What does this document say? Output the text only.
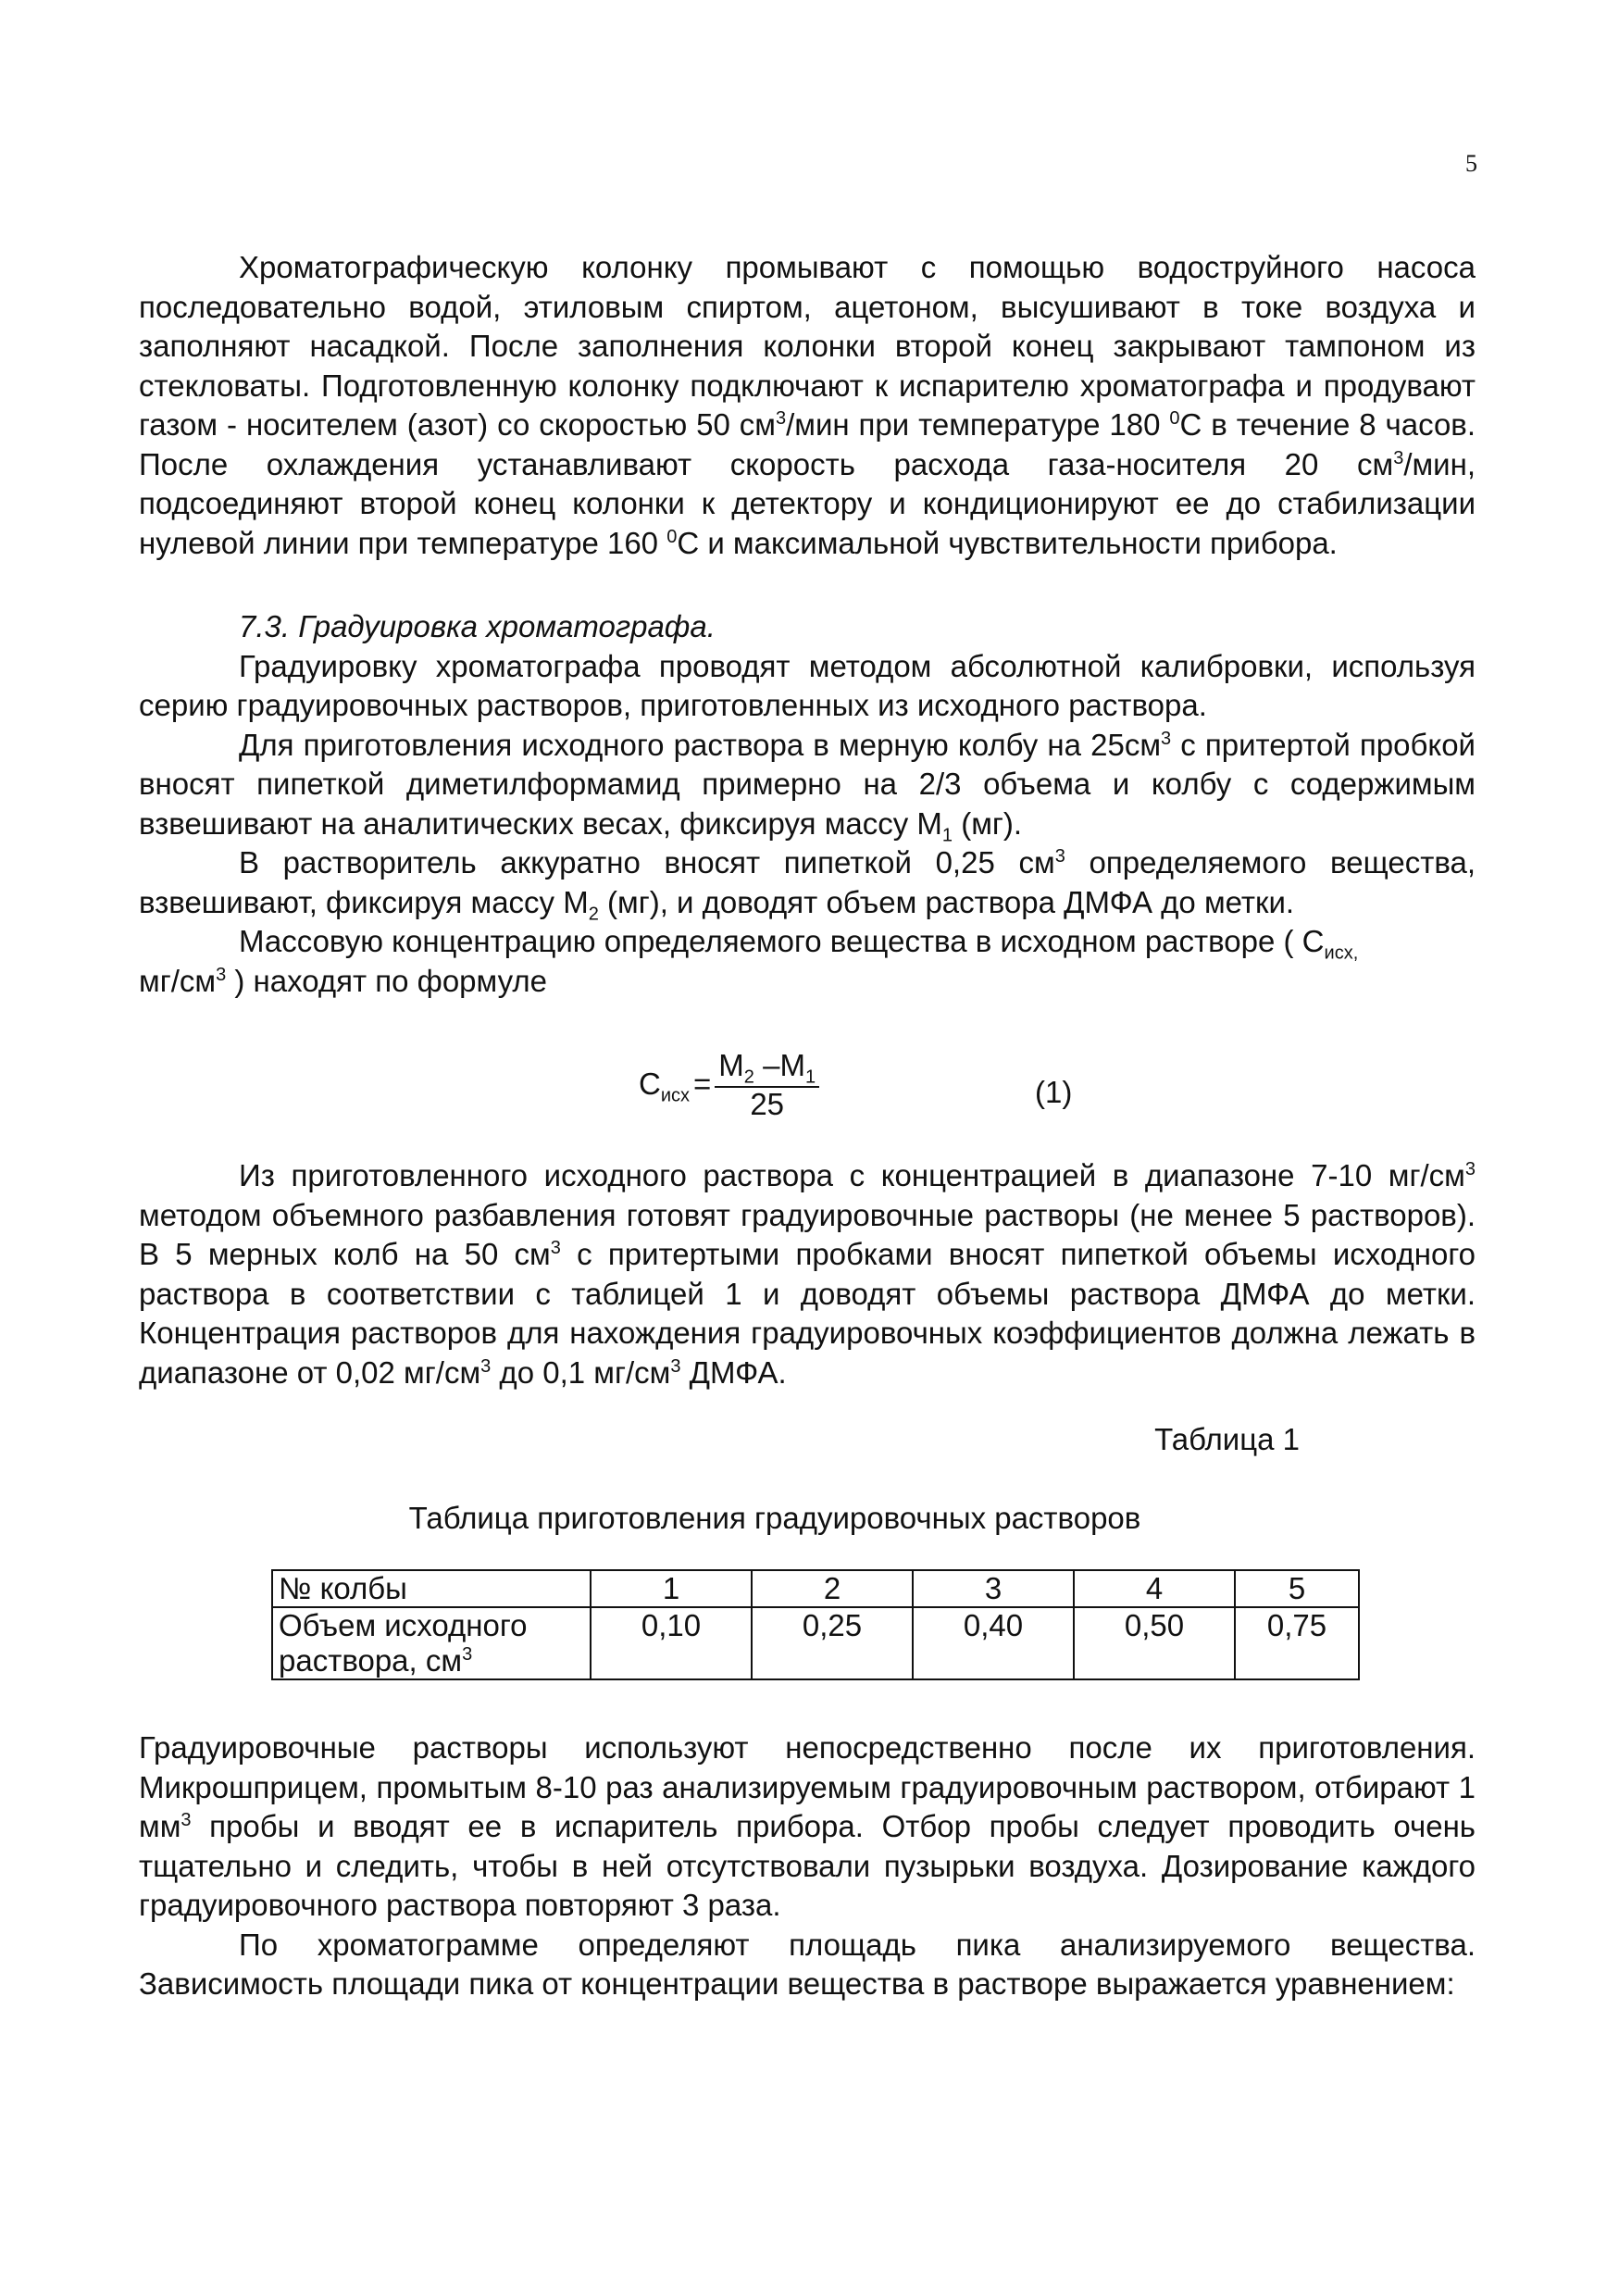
5

Хроматографическую колонку промывают с помощью водоструйного насоса последовательно водой, этиловым спиртом, ацетоном, высушивают в токе воздуха и заполняют насадкой. После заполнения колонки второй конец закрывают тампоном из стекловаты. Подготовленную колонку подключают к испарителю хроматографа и продувают газом - носителем (азот) со скоростью 50 $см^3$/мин при температуре 180 $^0$С в течение 8 часов. После охлаждения устанавливают скорость расхода газа-носителя 20 $см^3$/мин, подсоединяют второй конец колонки к детектору и кондиционируют ее до стабилизации нулевой линии при температуре 160 $^0$С и максимальной чувствительности прибора.

7.3. Градуировка хроматографа.

Градуировку хроматографа проводят методом абсолютной калибровки, используя серию градуировочных растворов, приготовленных из исходного раствора.

Для приготовления исходного раствора в мерную колбу на $25см^3$ с притертой пробкой вносят пипеткой диметилформамид примерно на 2/3 объема и колбу с содержимым взвешивают на аналитических весах, фиксируя массу $М_1$ (мг).

В растворитель аккуратно вносят пипеткой 0,25 $см^3$ определяемого вещества, взвешивают, фиксируя массу $М_2$ (мг), и доводят объем раствора ДМФА до метки.

Массовую концентрацию определяемого вещества в исходном растворе ( $С_{исх,}$
$мг/см^3$ ) находят по формуле

$С_{исх} = \frac{М_2 -М_1}{25}$	(1)

Из приготовленного исходного раствора с концентрацией в диапазоне 7-10 $мг/см^3$ методом объемного разбавления готовят градуировочные растворы (не менее 5 растворов). В 5 мерных колб на 50 $см^3$ с притертыми пробками вносят пипеткой объемы исходного раствора в соответствии с таблицей 1 и доводят объемы раствора ДМФА до метки. Концентрация растворов для нахождения градуировочных коэффициентов должна лежать в диапазоне от 0,02 $мг/см^3$ до 0,1 $мг/см^3$ ДМФА.

Таблица 1
Таблица приготовления градуировочных растворов
№ колбы	1	2	3	4	5
Объем исходного раствора, $см^3$	0,10	0,25	0,40	0,50	0,75

Градуировочные растворы используют непосредственно после их приготовления. Микрошприцем, промытым 8-10 раз анализируемым градуировочным раствором, отбирают 1 $мм^3$ пробы и вводят ее в испаритель прибора. Отбор пробы следует проводить очень тщательно и следить, чтобы в ней отсутствовали пузырьки воздуха. Дозирование каждого градуировочного раствора повторяют 3 раза.

По хроматограмме определяют площадь пика анализируемого вещества. Зависимость площади пика от концентрации вещества в растворе выражается уравнением:
